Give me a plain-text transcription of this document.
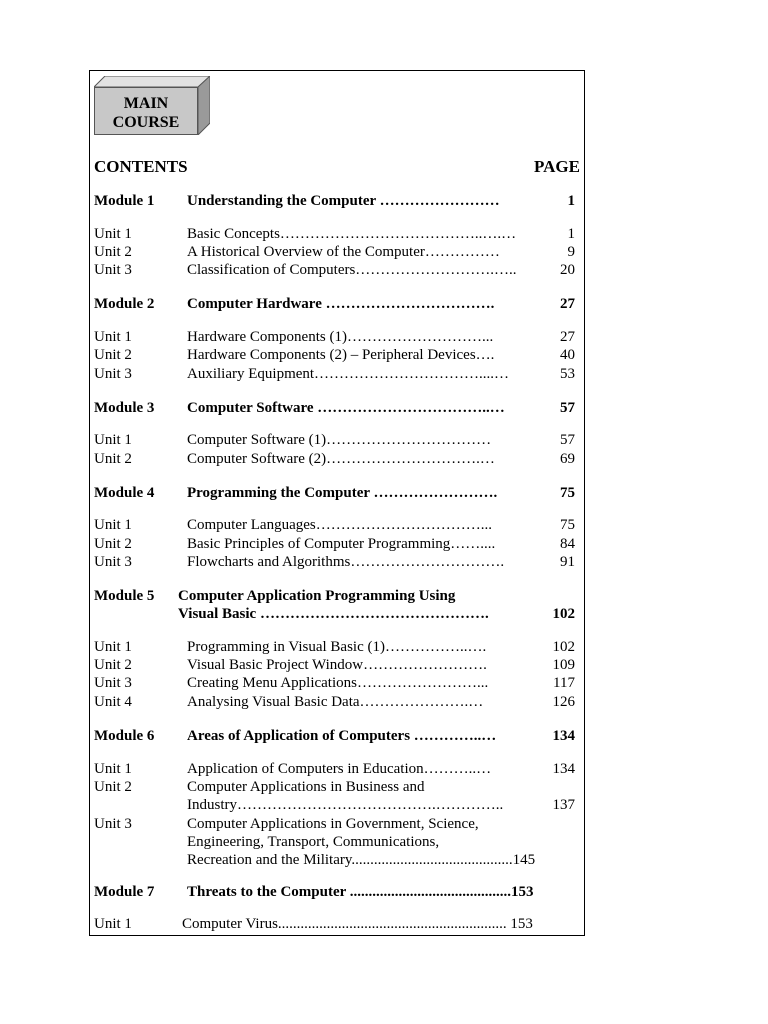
MAIN
COURSE
CONTENTS	PAGE
Module 1 Understanding the Computer ……………………	1
Unit 1	Basic Concepts…………………………………..….…	1
Unit 2	A Historical Overview of the Computer……………	9
Unit 3	Classification of Computers……………………….…..	20
Module 2 Computer Hardware …………………………….	27
Unit 1	Hardware Components (1)………………………...	27
Unit 2	Hardware Components (2) – Peripheral Devices….	40
Unit 3	Auxiliary Equipment……………………………....…	53
Module 3 Computer Software ……………………………..…	57
Unit 1	Computer Software (1)……………………………	57
Unit 2	Computer Software (2)………………………….…	69
Module 4 Programming the Computer …………………….	75
Unit 1	Computer Languages……………………………...	75
Unit 2	Basic Principles of Computer Programming……....	84
Unit 3	Flowcharts and Algorithms………………………….	91
Module 5 Computer Application Programming Using
Visual Basic ……………………………………….	102
Unit 1	Programming in Visual Basic (1)……………..….	102
Unit 2	Visual Basic Project Window…………………….	109
Unit 3	Creating Menu Applications……………………...	117
Unit 4	Analysing Visual Basic Data………………….…	126
Module 6 Areas of Application of Computers …………..…	134
Unit 1	Application of Computers in Education………..…	134
Unit 2	Computer Applications in Business and
Industry………………………………….…………..	137
Unit 3	Computer Applications in Government, Science,
Engineering, Transport, Communications,
Recreation and the Military...........................................145
Module 7 Threats to the Computer ...........................................153
Unit 1	Computer Virus............................................................. 153
